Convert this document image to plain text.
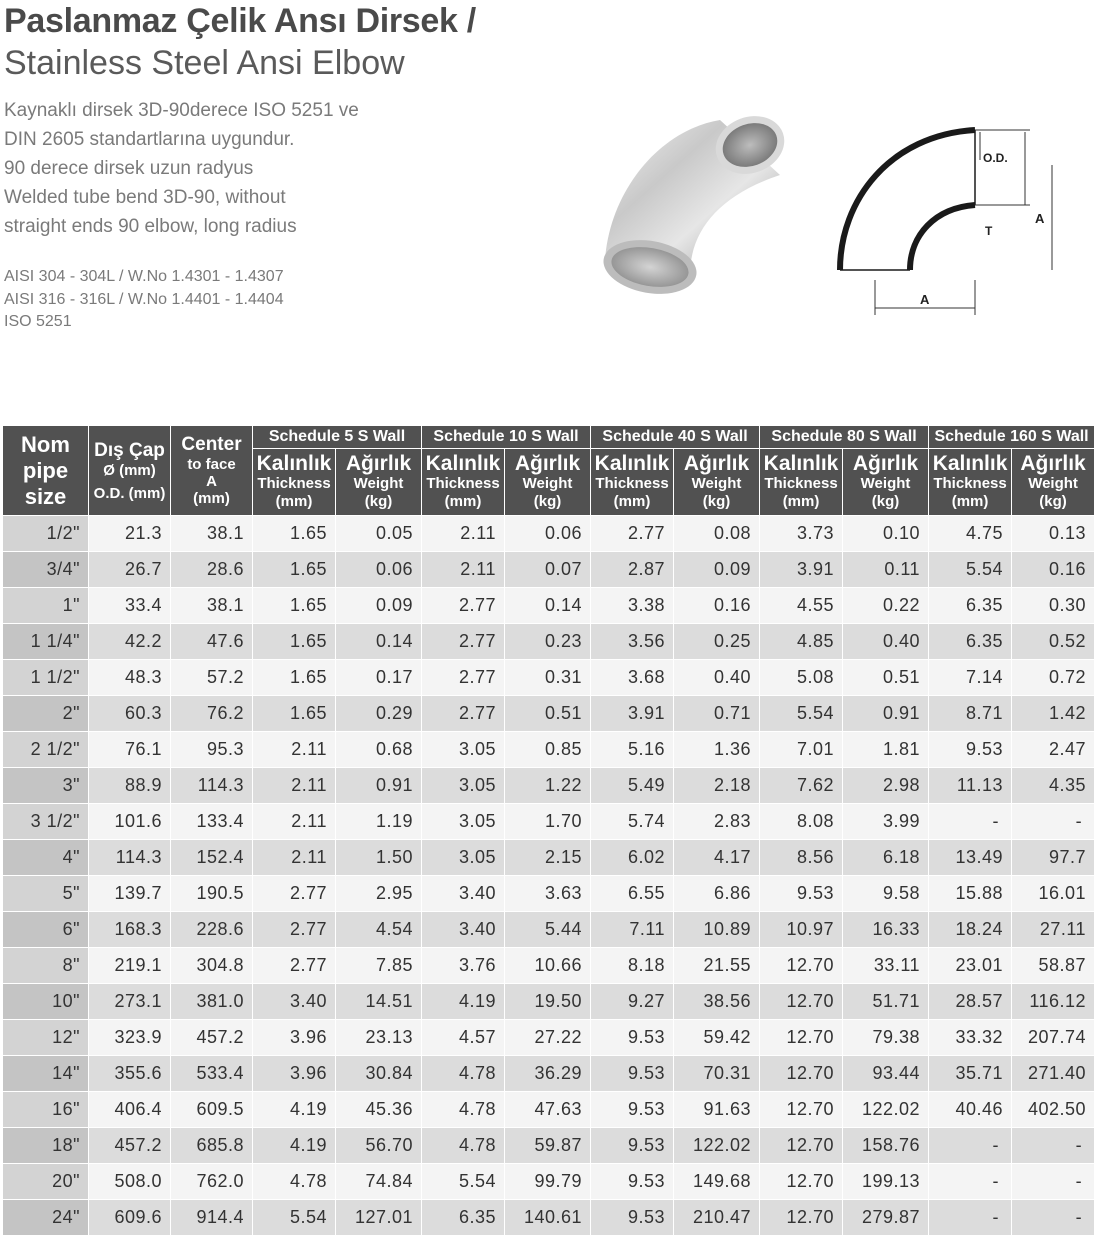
Paslanmaz Çelik Ansı Dirsek /
Stainless Steel Ansi Elbow
Kaynaklı dirsek 3D-90derece ISO 5251 ve
DIN 2605 standartlarına uygundur.
90 derece dirsek uzun radyus
Welded tube bend 3D-90, without
straight ends 90 elbow, long radius
AISI 304 - 304L / W.No 1.4301 - 1.4307
AISI 316 - 316L / W.No 1.4401 - 1.4404
ISO 5251
O.D.
A
T
A
Nom
pipe
size	Dış Çap
Ø (mm)
O.D. (mm)	Center
to face
A
(mm)	Schedule 5 S Wall		Schedule 10 S Wall		Schedule 40 S Wall		Schedule 80 S Wall		Schedule 160 S Wall	

			Kalınlık
Thickness
(mm)	Ağırlık
Weight
(kg)	Kalınlık
Thickness
(mm)	Ağırlık
Weight
(kg)	Kalınlık
Thickness
(mm)	Ağırlık
Weight
(kg)	Kalınlık
Thickness
(mm)	Ağırlık
Weight
(kg)	Kalınlık
Thickness
(mm)	Ağırlık
Weight
(kg)

1/2"	21.3	38.1	1.65	0.05	2.11	0.06	2.77	0.08	3.73	0.10	4.75	0.13
3/4"	26.7	28.6	1.65	0.06	2.11	0.07	2.87	0.09	3.91	0.11	5.54	0.16
1"	33.4	38.1	1.65	0.09	2.77	0.14	3.38	0.16	4.55	0.22	6.35	0.30
1 1/4"	42.2	47.6	1.65	0.14	2.77	0.23	3.56	0.25	4.85	0.40	6.35	0.52
1 1/2"	48.3	57.2	1.65	0.17	2.77	0.31	3.68	0.40	5.08	0.51	7.14	0.72
2"	60.3	76.2	1.65	0.29	2.77	0.51	3.91	0.71	5.54	0.91	8.71	1.42
2 1/2"	76.1	95.3	2.11	0.68	3.05	0.85	5.16	1.36	7.01	1.81	9.53	2.47
3"	88.9	114.3	2.11	0.91	3.05	1.22	5.49	2.18	7.62	2.98	11.13	4.35
3 1/2"	101.6	133.4	2.11	1.19	3.05	1.70	5.74	2.83	8.08	3.99	-	-
4"	114.3	152.4	2.11	1.50	3.05	2.15	6.02	4.17	8.56	6.18	13.49	97.7
5"	139.7	190.5	2.77	2.95	3.40	3.63	6.55	6.86	9.53	9.58	15.88	16.01
6"	168.3	228.6	2.77	4.54	3.40	5.44	7.11	10.89	10.97	16.33	18.24	27.11
8"	219.1	304.8	2.77	7.85	3.76	10.66	8.18	21.55	12.70	33.11	23.01	58.87
10"	273.1	381.0	3.40	14.51	4.19	19.50	9.27	38.56	12.70	51.71	28.57	116.12
12"	323.9	457.2	3.96	23.13	4.57	27.22	9.53	59.42	12.70	79.38	33.32	207.74
14"	355.6	533.4	3.96	30.84	4.78	36.29	9.53	70.31	12.70	93.44	35.71	271.40
16"	406.4	609.5	4.19	45.36	4.78	47.63	9.53	91.63	12.70	122.02	40.46	402.50
18"	457.2	685.8	4.19	56.70	4.78	59.87	9.53	122.02	12.70	158.76	-	-
20"	508.0	762.0	4.78	74.84	5.54	99.79	9.53	149.68	12.70	199.13	-	-
24"	609.6	914.4	5.54	127.01	6.35	140.61	9.53	210.47	12.70	279.87	-	-
